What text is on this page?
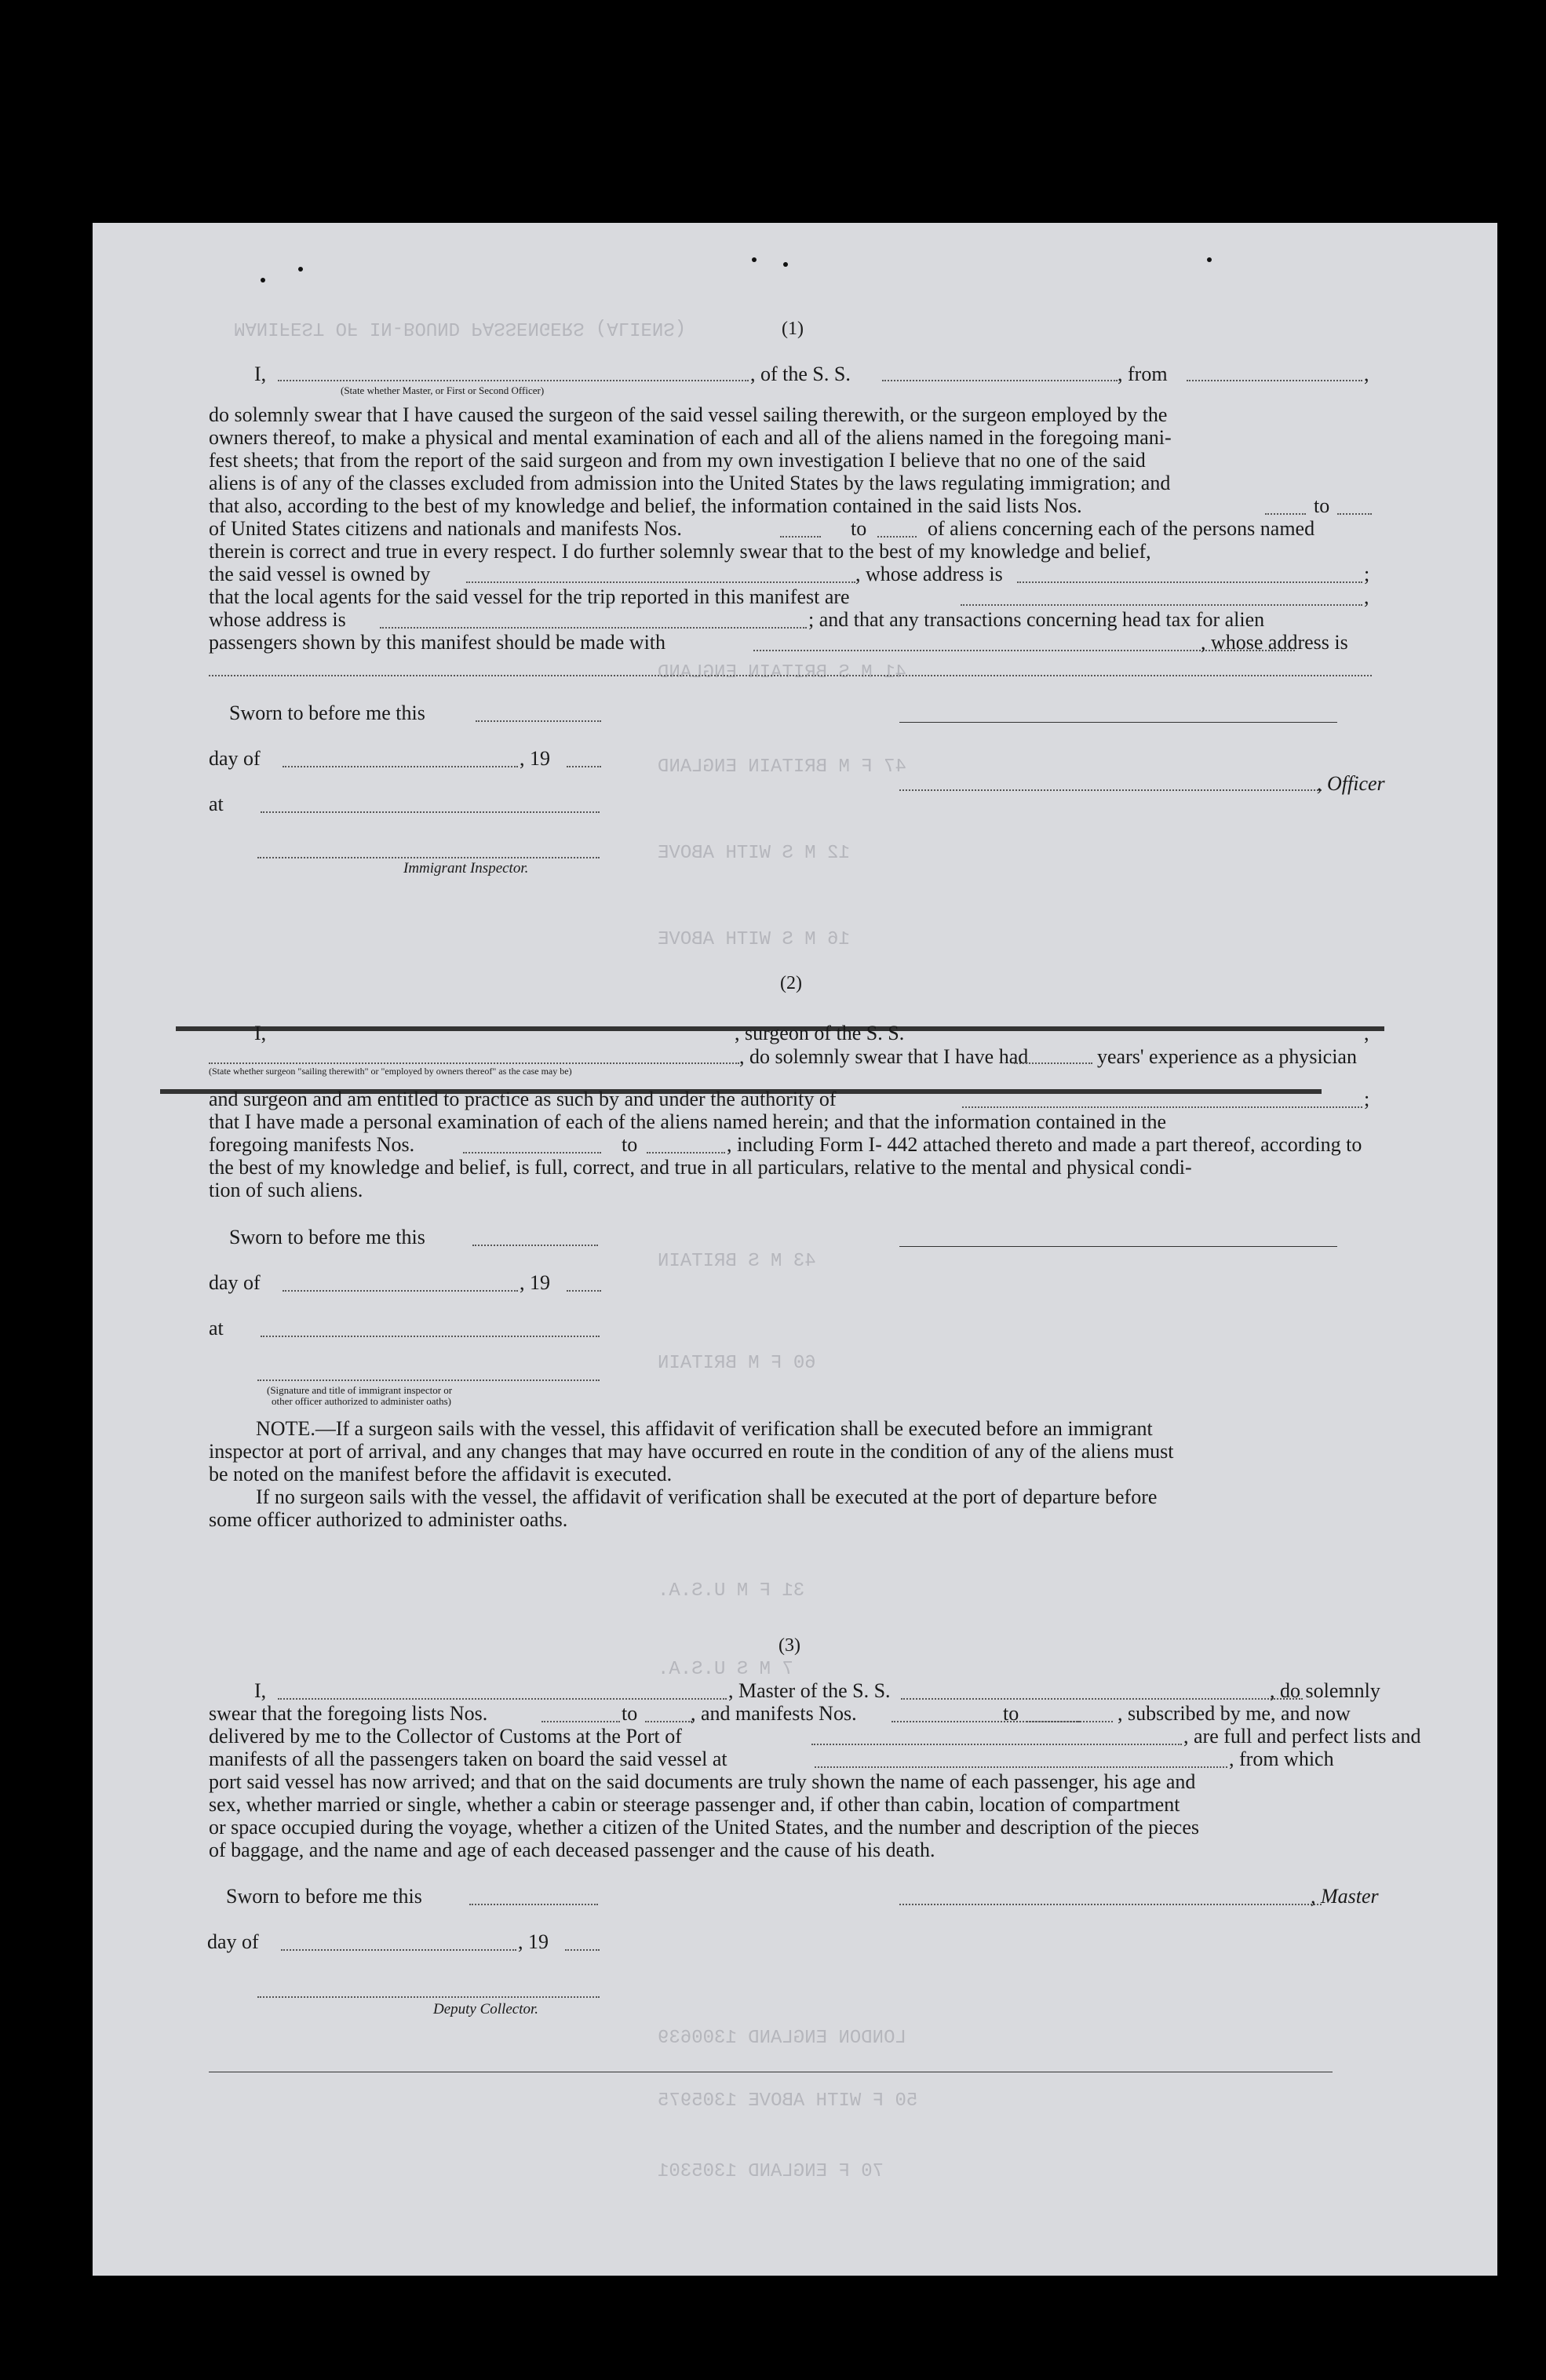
MANIFEST OF IN-BOUND PASSENGERS (ALIENS)
41 M S BRITAIN ENGLAND
47 F M BRITAIN ENGLAND
12 M S WITH ABOVE
16 M S WITH ABOVE
43 M S BRITAIN
60 F M BRITAIN
31 F M U.S.A.
7 M S U.S.A.
LONDON ENGLAND 1300639
50 F WITH ABOVE 1305975
70 F ENGLAND 1305301
(1)
I,	, of the S. S.	, from	,
(State whether Master, or First or Second Officer)
do solemnly swear that I have caused the surgeon of the said vessel sailing therewith, or the surgeon employed by the
owners thereof, to make a physical and mental examination of each and all of the aliens named in the foregoing mani-
fest sheets; that from the report of the said surgeon and from my own investigation I believe that no one of the said
aliens is of any of the classes excluded from admission into the United States by the laws regulating immigration; and
that also, according to the best of my knowledge and belief, the information contained in the said lists Nos.	to
of United States citizens and nationals and manifests Nos.	to	of aliens concerning each of the persons named
therein is correct and true in every respect. I do further solemnly swear that to the best of my knowledge and belief,
the said vessel is owned by	, whose address is	;
that the local agents for the said vessel for the trip reported in this manifest are	,
whose address is	; and that any transactions concerning head tax for alien
passengers shown by this manifest should be made with	, whose address is
Sworn to before me this
day of	, 19
, Officer
at
Immigrant Inspector.
(2)
I,	, surgeon of the S. S.	,
, do solemnly swear that I have had	years' experience as a physician
(State whether surgeon "sailing therewith" or "employed by owners thereof" as the case may be)
and surgeon and am entitled to practice as such by and under the authority of	;
that I have made a personal examination of each of the aliens named herein; and that the information contained in the
foregoing manifests Nos.	to	, including Form I- 442 attached thereto and made a part thereof, according to
the best of my knowledge and belief, is full, correct, and true in all particulars, relative to the mental and physical condi-
tion of such aliens.
Sworn to before me this
day of	, 19
at
(Signature and title of immigrant inspector or
other officer authorized to administer oaths)
NOTE.—If a surgeon sails with the vessel, this affidavit of verification shall be executed before an immigrant
inspector at port of arrival, and any changes that may have occurred en route in the condition of any of the aliens must
be noted on the manifest before the affidavit is executed.
If no surgeon sails with the vessel, the affidavit of verification shall be executed at the port of departure before
some officer authorized to administer oaths.
(3)
I,	, Master of the S. S.	, do solemnly
swear that the foregoing lists Nos.	to	, and manifests Nos.	to	, subscribed by me, and now
delivered by me to the Collector of Customs at the Port of	, are full and perfect lists and
manifests of all the passengers taken on board the said vessel at	, from which
port said vessel has now arrived; and that on the said documents are truly shown the name of each passenger, his age and
sex, whether married or single, whether a cabin or steerage passenger and, if other than cabin, location of compartment
or space occupied during the voyage, whether a citizen of the United States, and the number and description of the pieces
of baggage, and the name and age of each deceased passenger and the cause of his death.
Sworn to before me this	, Master
day of	, 19
Deputy Collector.
